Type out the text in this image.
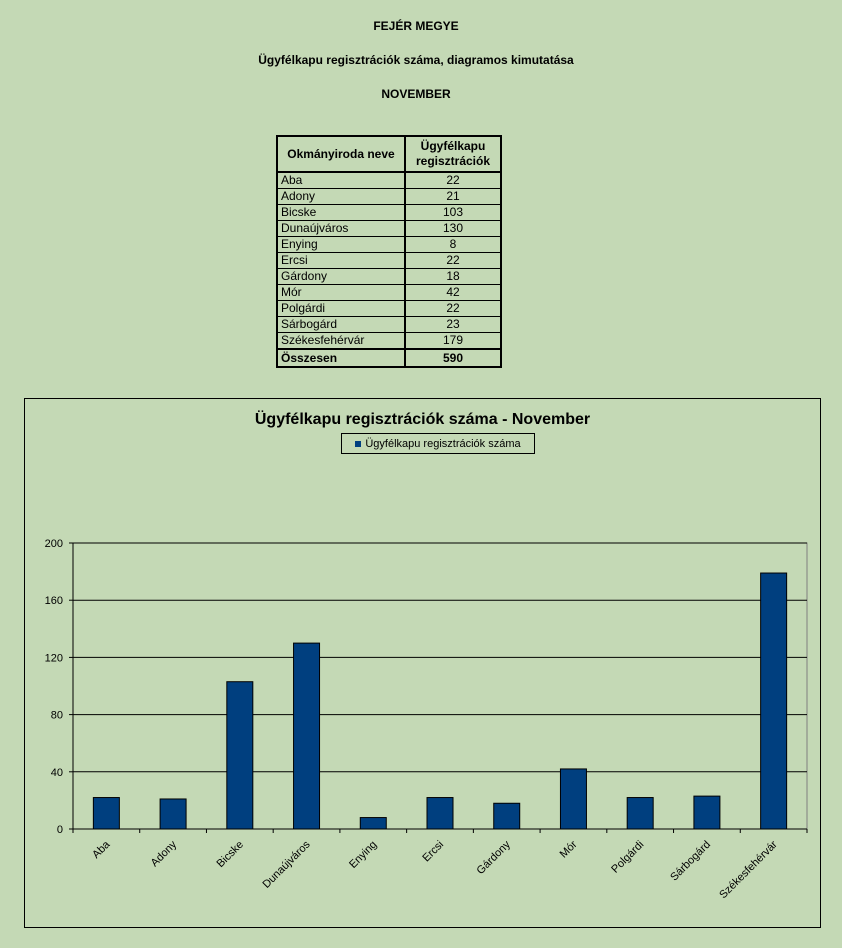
FEJÉR MEGYE
Ügyfélkapu regisztrációk száma, diagramos kimutatása
NOVEMBER
Okmányiroda neve	Ügyfélkapu regisztrációk
Aba	22
Adony	21
Bicske	103
Dunaújváros	130
Enying	8
Ercsi	22
Gárdony	18
Mór	42
Polgárdi	22
Sárbogárd	23
Székesfehérvár	179
Összesen	590
Ügyfélkapu regisztrációk száma - November
Ügyfélkapu regisztrációk száma
0
40
80
120
160
200
Aba	Adony	Bicske Dunaújváros	Enying	Ercsi	Gárdony	Mór	Polgárdi Sárbogárd Székesfehérvár
